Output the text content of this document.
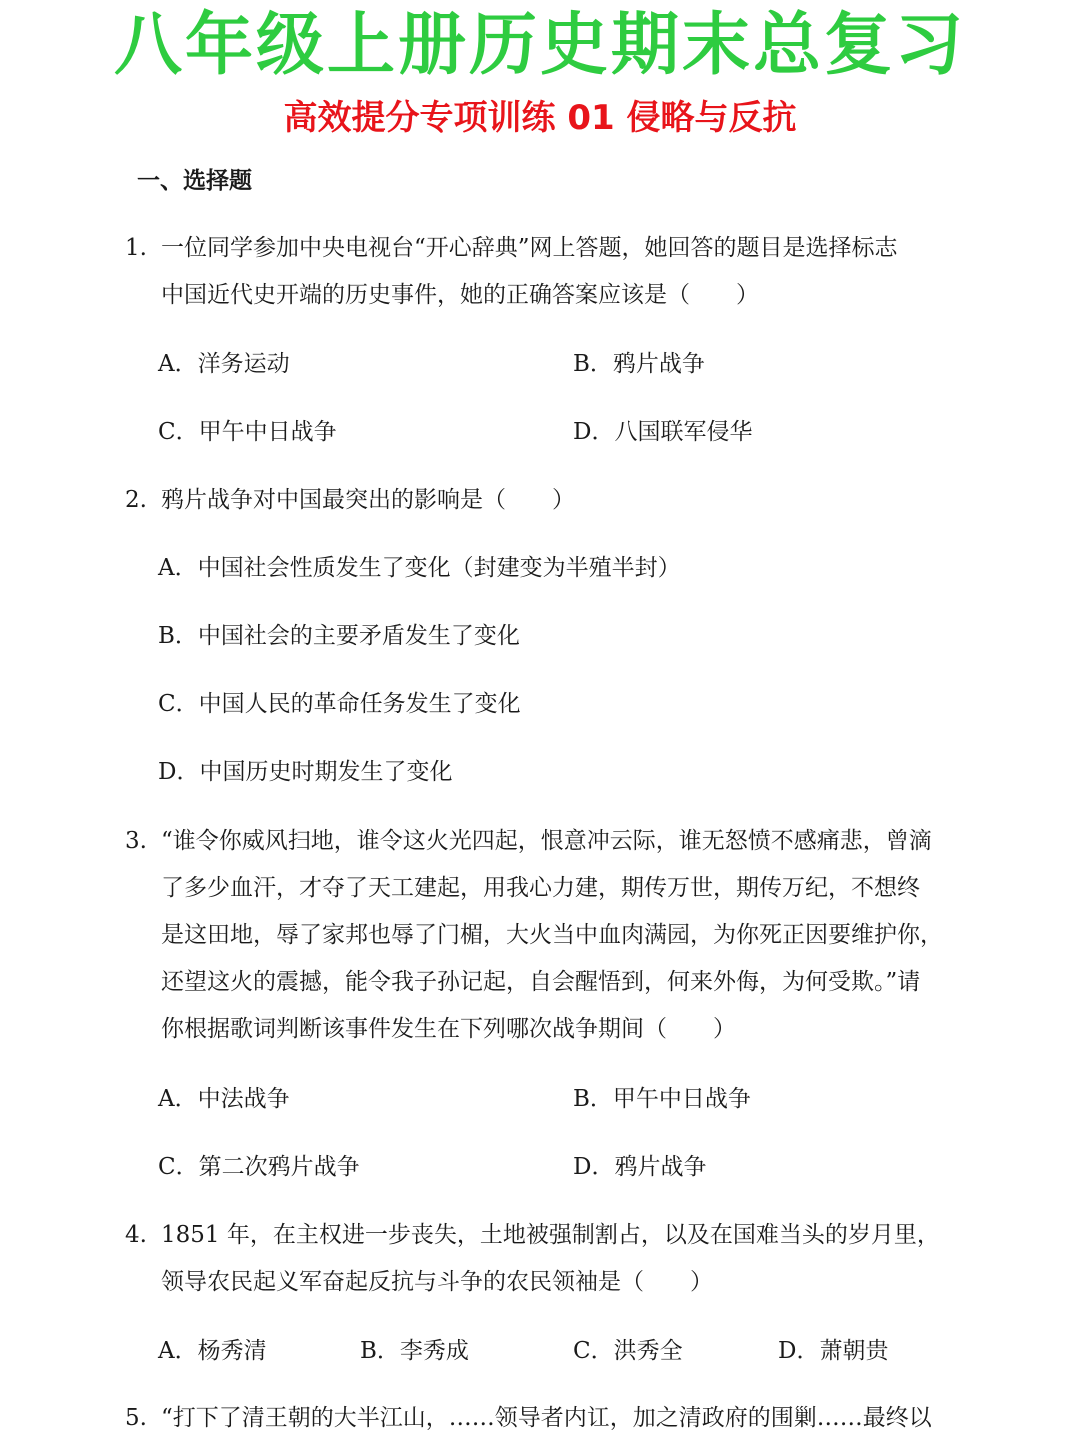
八年级上册历史期末总复习
高效提分专项训练 01 侵略与反抗
一、选择题
1. 一位同学参加中央电视台“开心辞典”网上答题，她回答的题目是选择标志
中国近代史开端的历史事件，她的正确答案应该是（　　）
A．洋务运动	B．鸦片战争
C．甲午中日战争	D．八国联军侵华
2. 鸦片战争对中国最突出的影响是（　　）
A．中国社会性质发生了变化（封建变为半殖半封）
B．中国社会的主要矛盾发生了变化
C．中国人民的革命任务发生了变化
D．中国历史时期发生了变化
3. “谁令你威风扫地，谁令这火光四起，恨意冲云际，谁无怒愤不感痛悲，曾滴
了多少血汗，才夺了天工建起，用我心力建，期传万世，期传万纪，不想终
是这田地，辱了家邦也辱了门楣，大火当中血肉满园，为你死正因要维护你，
还望这火的震撼，能令我子孙记起，自会醒悟到，何来外侮，为何受欺。”请
你根据歌词判断该事件发生在下列哪次战争期间（　　）
A．中法战争	B．甲午中日战争
C．第二次鸦片战争	D．鸦片战争
4. 1851 年，在主权进一步丧失，土地被强制割占，以及在国难当头的岁月里，
领导农民起义军奋起反抗与斗争的农民领袖是（　　）
A．杨秀清	B．李秀成	C．洪秀全	D．萧朝贵
5. “打下了清王朝的大半江山，……领导者内讧，加之清政府的围剿……最终以
